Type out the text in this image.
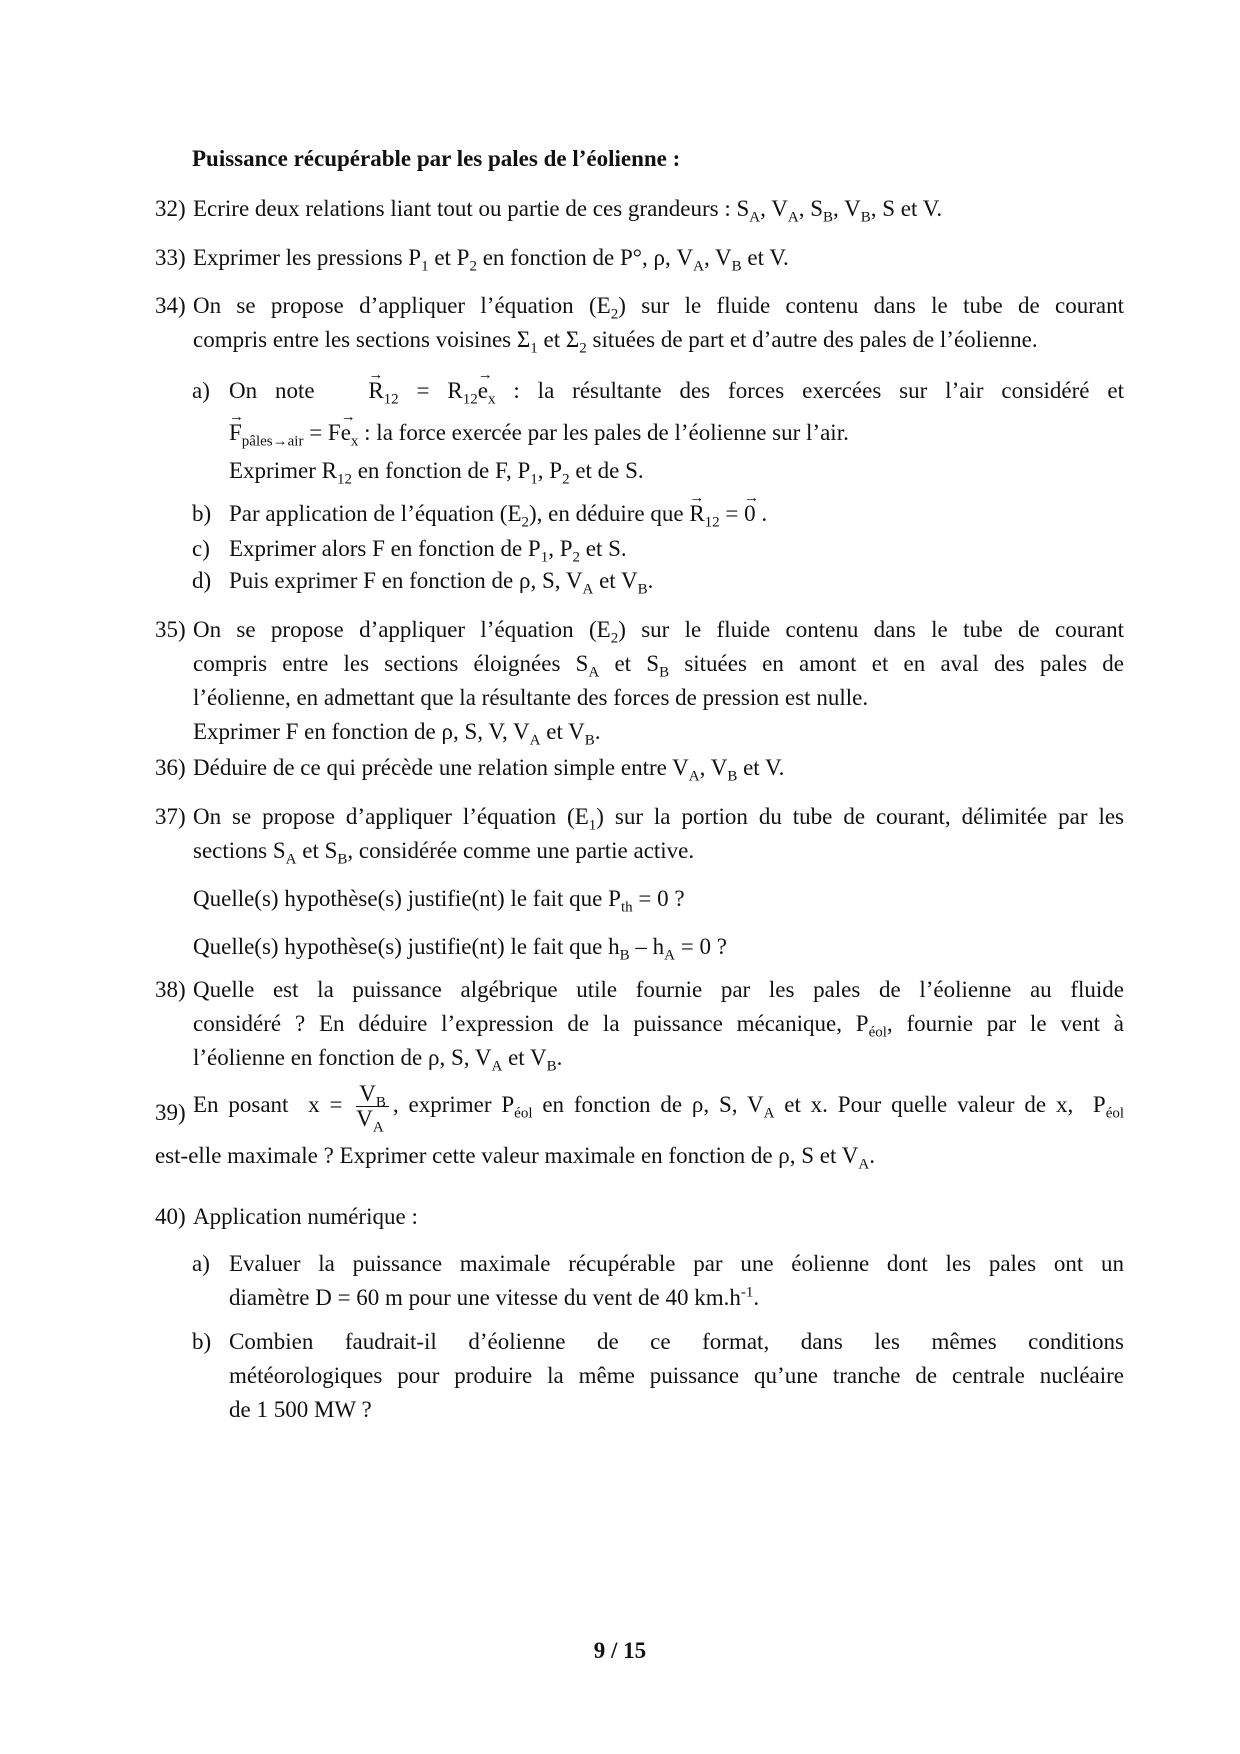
Puissance récupérable par les pales de l’éolienne :
32) Ecrire deux relations liant tout ou partie de ces grandeurs : $S_A$, $V_A$, $S_B$, $V_B$, S et V.
33) Exprimer les pressions $P_1$ et $P_2$ en fonction de P°, ρ, $V_A$, $V_B$ et V.
34) On se propose d’appliquer l’équation $(E_2)$ sur le fluide contenu dans le tube de courant
compris entre les sections voisines $\Sigma_1$ et $\Sigma_2$ situées de part et d’autre des pales de l’éolienne.
a) On note → $R_{12} = R_{12}\to e_x$ : la résultante des forces exercées sur l’air considéré et
→ $F_{pâles\to air} = F\to e_x$ : la force exercée par les pales de l’éolienne sur l’air.
Exprimer $R_{12}$ en fonction de F, $P_1$, $P_2$ et de S.
b) Par application de l’équation $(E_2)$, en déduire que → $R_{12}$ = → 0 .
c) Exprimer alors F en fonction de $P_1$, $P_2$ et S.
d) Puis exprimer F en fonction de ρ, S, $V_A$ et $V_B$.
35) On se propose d’appliquer l’équation $(E_2)$ sur le fluide contenu dans le tube de courant
compris entre les sections éloignées $S_A$ et $S_B$ situées en amont et en aval des pales de
l’éolienne, en admettant que la résultante des forces de pression est nulle.
Exprimer F en fonction de ρ, S, V, $V_A$ et $V_B$.
36) Déduire de ce qui précède une relation simple entre $V_A$, $V_B$ et V.
37) On se propose d’appliquer l’équation $(E_1)$ sur la portion du tube de courant, délimitée par les
sections $S_A$ et $S_B$, considérée comme une partie active.
Quelle(s) hypothèse(s) justifie(nt) le fait que $P_{th} = 0$ ?
Quelle(s) hypothèse(s) justifie(nt) le fait que $h_B - h_A = 0$ ?
38) Quelle est la puissance algébrique utile fournie par les pales de l’éolienne au fluide
considéré ? En déduire l’expression de la puissance mécanique, $P_{éol}$, fournie par le vent à
l’éolienne en fonction de ρ, S, $V_A$ et $V_B$.
39) En posant  $x = \frac{V_B}{V_A}$ , exprimer $P_{éol}$ en fonction de ρ, S, $V_A$ et x. Pour quelle valeur de x,  $P_{éol}$
est-elle maximale ? Exprimer cette valeur maximale en fonction de ρ, S et $V_A$.
40) Application numérique :
a) Evaluer la puissance maximale récupérable par une éolienne dont les pales ont un
diamètre D = 60 m pour une vitesse du vent de 40 $km.h^{-1}$.
b) Combien faudrait-il d’éolienne de ce format, dans les mêmes conditions
météorologiques pour produire la même puissance qu’une tranche de centrale nucléaire
de 1 500 MW ?
9 / 15
